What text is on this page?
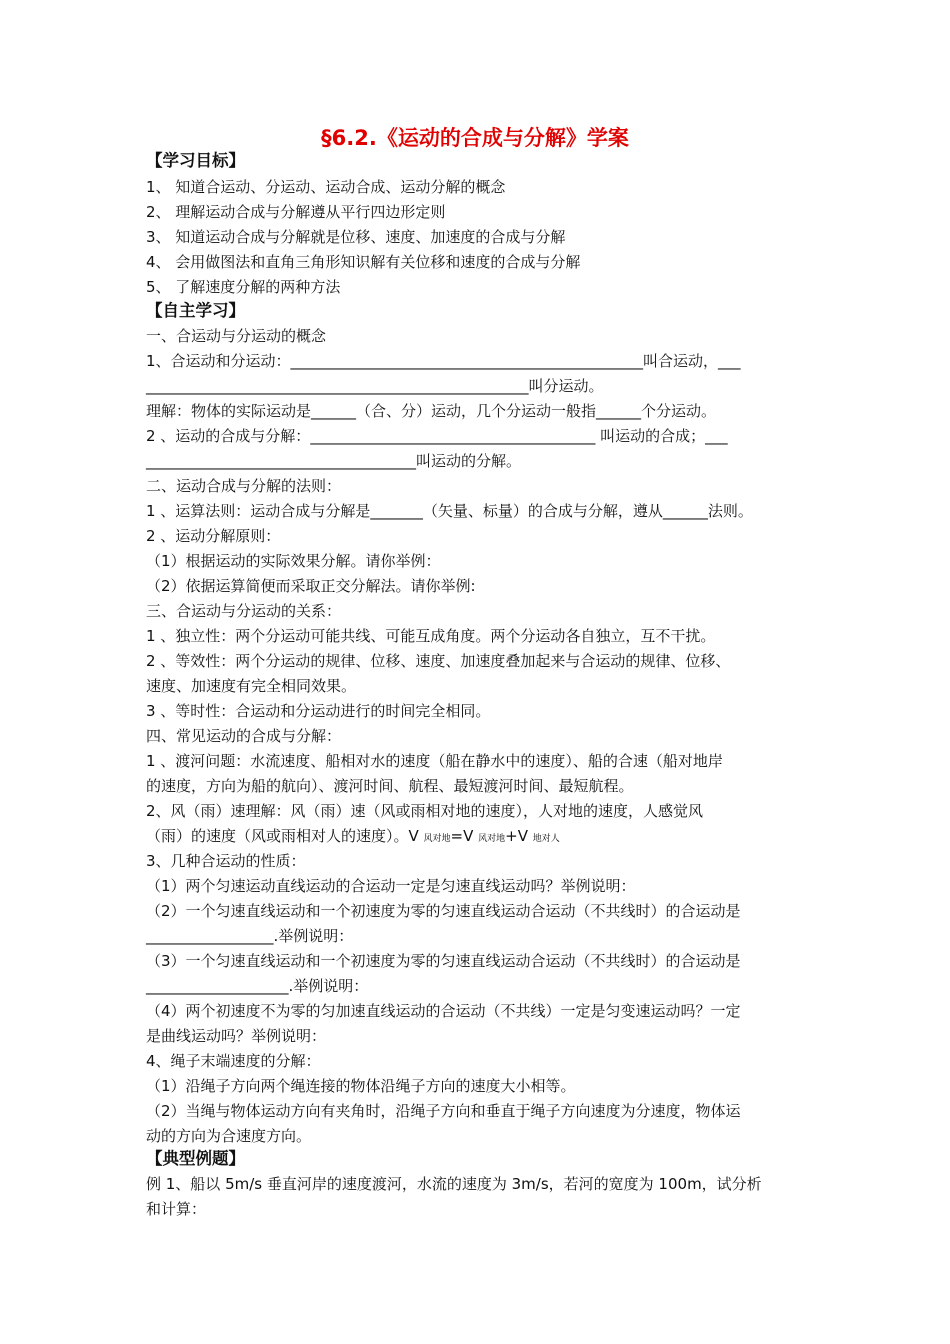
§6.2.《运动的合成与分解》学案
【学习目标】
1、 知道合运动、分运动、运动合成、运动分解的概念
2、 理解运动合成与分解遵从平行四边形定则
3、 知道运动合成与分解就是位移、速度、加速度的合成与分解
4、 会用做图法和直角三角形知识解有关位移和速度的合成与分解
5、 了解速度分解的两种方法
【自主学习】
一、合运动与分运动的概念
1、合运动和分运动：_______________________________________________叫合运动，___
___________________________________________________叫分运动。
理解：物体的实际运动是______（合、分）运动，几个分运动一般指______个分运动。
2 、运动的合成与分解：______________________________________ 叫运动的合成；___
____________________________________叫运动的分解。
二、运动合成与分解的法则：
1 、运算法则：运动合成与分解是_______（矢量、标量）的合成与分解，遵从______法则。
2 、运动分解原则：
（1）根据运动的实际效果分解。请你举例：
（2）依据运算简便而采取正交分解法。请你举例:
三、合运动与分运动的关系：
1 、独立性：两个分运动可能共线、可能互成角度。两个分运动各自独立，互不干扰。
2 、等效性：两个分运动的规律、位移、速度、加速度叠加起来与合运动的规律、位移、
速度、加速度有完全相同效果。
3 、等时性：合运动和分运动进行的时间完全相同。
四、常见运动的合成与分解：
1 、渡河问题：水流速度、船相对水的速度（船在静水中的速度）、船的合速（船对地岸
的速度，方向为船的航向）、渡河时间、航程、最短渡河时间、最短航程。
2、风（雨）速理解：风（雨）速（风或雨相对地的速度），人对地的速度，人感觉风
（雨）的速度（风或雨相对人的速度）。V 风对地=V 风对地+V 地对人
3、几种合运动的性质：
（1）两个匀速运动直线运动的合运动一定是匀速直线运动吗？举例说明：
（2）一个匀速直线运动和一个初速度为零的匀速直线运动合运动（不共线时）的合运动是
_________________.举例说明：
（3）一个匀速直线运动和一个初速度为零的匀速直线运动合运动（不共线时）的合运动是
___________________.举例说明：
（4）两个初速度不为零的匀加速直线运动的合运动（不共线）一定是匀变速运动吗？一定
是曲线运动吗？举例说明：
4、绳子末端速度的分解：
（1）沿绳子方向两个绳连接的物体沿绳子方向的速度大小相等。
（2）当绳与物体运动方向有夹角时，沿绳子方向和垂直于绳子方向速度为分速度，物体运
动的方向为合速度方向。
【典型例题】
例 1、船以 5m/s 垂直河岸的速度渡河，水流的速度为 3m/s，若河的宽度为 100m，试分析
和计算：
